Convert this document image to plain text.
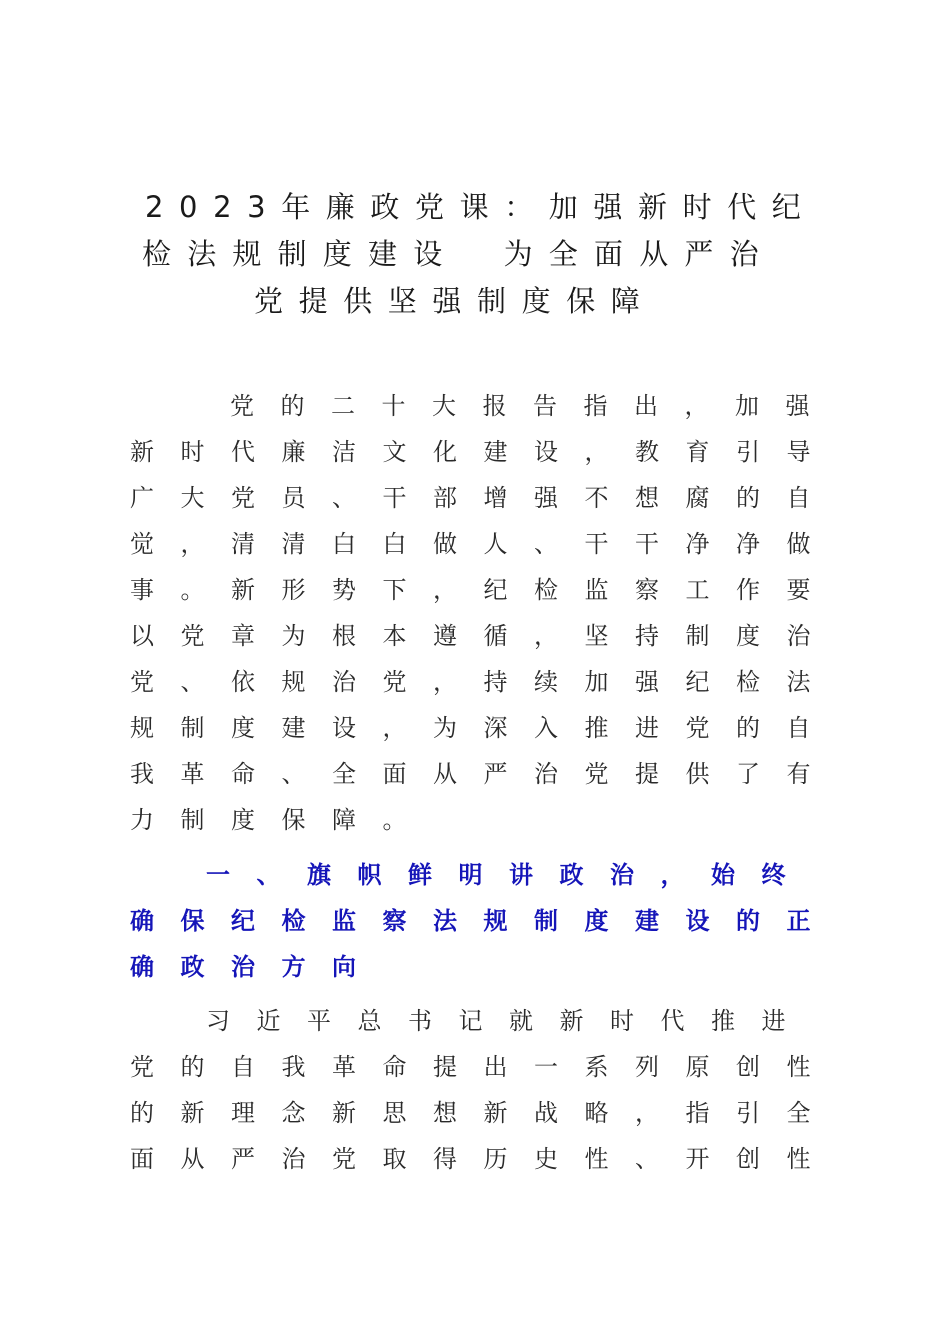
2023年廉政党课：加强新时代纪
检法规制度建设　为全面从严治
党提供坚强制度保障
党的二十大报告指出，加强
新时代廉洁文化建设，教育引导
广大党员、干部增强不想腐的自
觉，清清白白做人、干干净净做
事。新形势下，纪检监察工作要
以党章为根本遵循，坚持制度治
党、依规治党，持续加强纪检法
规制度建设，为深入推进党的自
我革命、全面从严治党提供了有
力制度保障。
一、旗帜鲜明讲政治，始终
确保纪检监察法规制度建设的正
确政治方向
习近平总书记就新时代推进
党的自我革命提出一系列原创性
的新理念新思想新战略，指引全
面从严治党取得历史性、开创性
